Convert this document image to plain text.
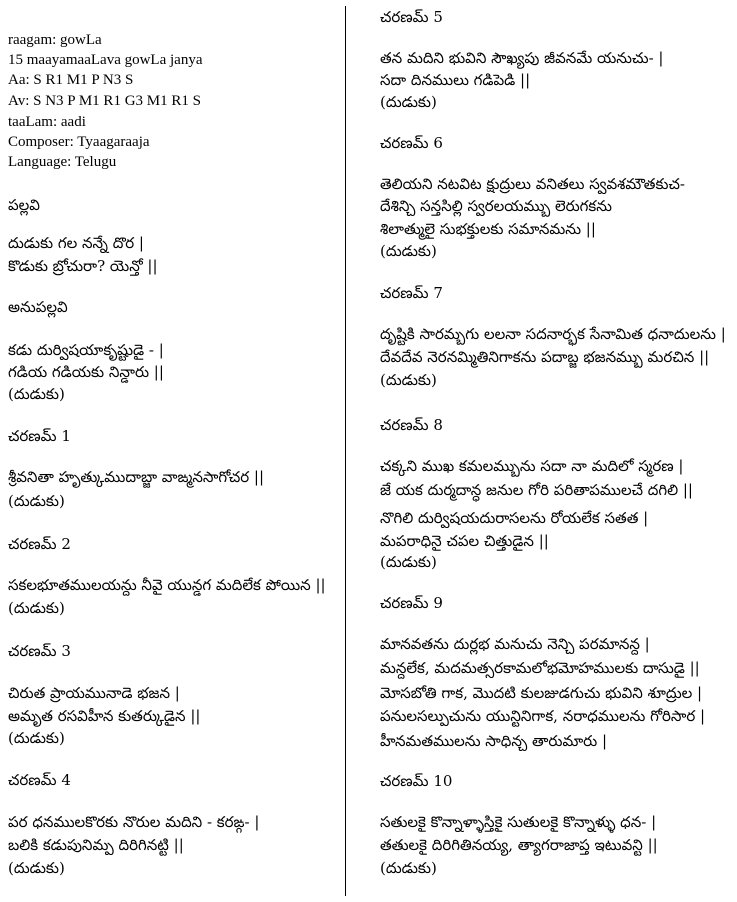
raagam: gowLa
15 maayamaaLava gowLa janya
Aa: S R1 M1 P N3 S
Av: S N3 P M1 R1 G3 M1 R1 S
taaLam: aadi
Composer: Tyaagaraaja
Language: Telugu
పల్లవి
దుడుకు గల నన్నే దొర |
కొడుకు బ్రోచురా? యెన్తో ||
అనుపల్లవి
కడు దుర్విషయాకృష్టుడై - |
గడియ గడియకు నిన్డారు ||
(దుడుకు)
చరణమ్ 1
శ్రీవనితా హృత్కుముదాబ్జా వాఙ్మనసాగోచర ||
(దుడుకు)
చరణమ్ 2
సకలభూతములయన్దు నీవై యున్డగ మదిలేక పోయిన ||
(దుడుకు)
చరణమ్ 3
చిరుత ప్రాయమునాడె భజన |
అమృత రసవిహీన కుతర్కుడైన ||
(దుడుకు)
చరణమ్ 4
పర ధనములకొరకు నొరుల మదిని - కరఙ్గ- |
బలికి కడుపునిమ్ప దిరిగినట్టి ||
(దుడుకు)
చరణమ్ 5
తన మదిని భువిని సౌఖ్యపు జీవనమే యనుచు- |
సదా దినములు గడిపెడి ||
(దుడుకు)
చరణమ్ 6
తెలియని నటవిట క్షుద్రులు వనితలు స్వవశమౌతకుచ-
దేశిన్చి సన్తసిల్లి స్వరలయమ్బు లెరుగకను
శిలాత్ములై సుభక్తులకు సమానమను ||
(దుడుకు)
చరణమ్ 7
దృష్టికి సారమ్బగు లలనా సదనార్భక సేనామిత ధనాదులను |
దేవదేవ నెరనమ్మితినిగాకను పదాబ్జ భజనమ్బు మరచిన ||
(దుడుకు)
చరణమ్ 8
చక్కని ముఖ కమలమ్బును సదా నా మదిలో స్మరణ |
జే యక దుర్మదాన్ధ జనుల గోరి పరితాపములచే దగిలి ||
నొగిలి దుర్విషయదురాసలను రోయలేక సతత |
మపరాధినై చపల చిత్తుడైన ||
(దుడుకు)
చరణమ్ 9
మానవతను దుర్లభ మనుచు నెన్చి పరమానన్ద |
మన్దలేక, మదమత్సరకామలోభమోహములకు దాసుడై ||
మోసబోతి గాక, మొదటి కులజుడగుచు భువిని శూద్రుల |
పనులసల్పుచును యున్టినిగాక, నరాధములను గోరిసార |
హీనమతములను సాధిన్చ తారుమారు |
చరణమ్ 10
సతులకై కొన్నాళ్ళాస్తికై సుతులకై కొన్నాళ్ళు ధన- |
తతులకై దిరిగితినయ్య, త్యాగరాజాప్త ఇటువన్టి ||
(దుడుకు)
